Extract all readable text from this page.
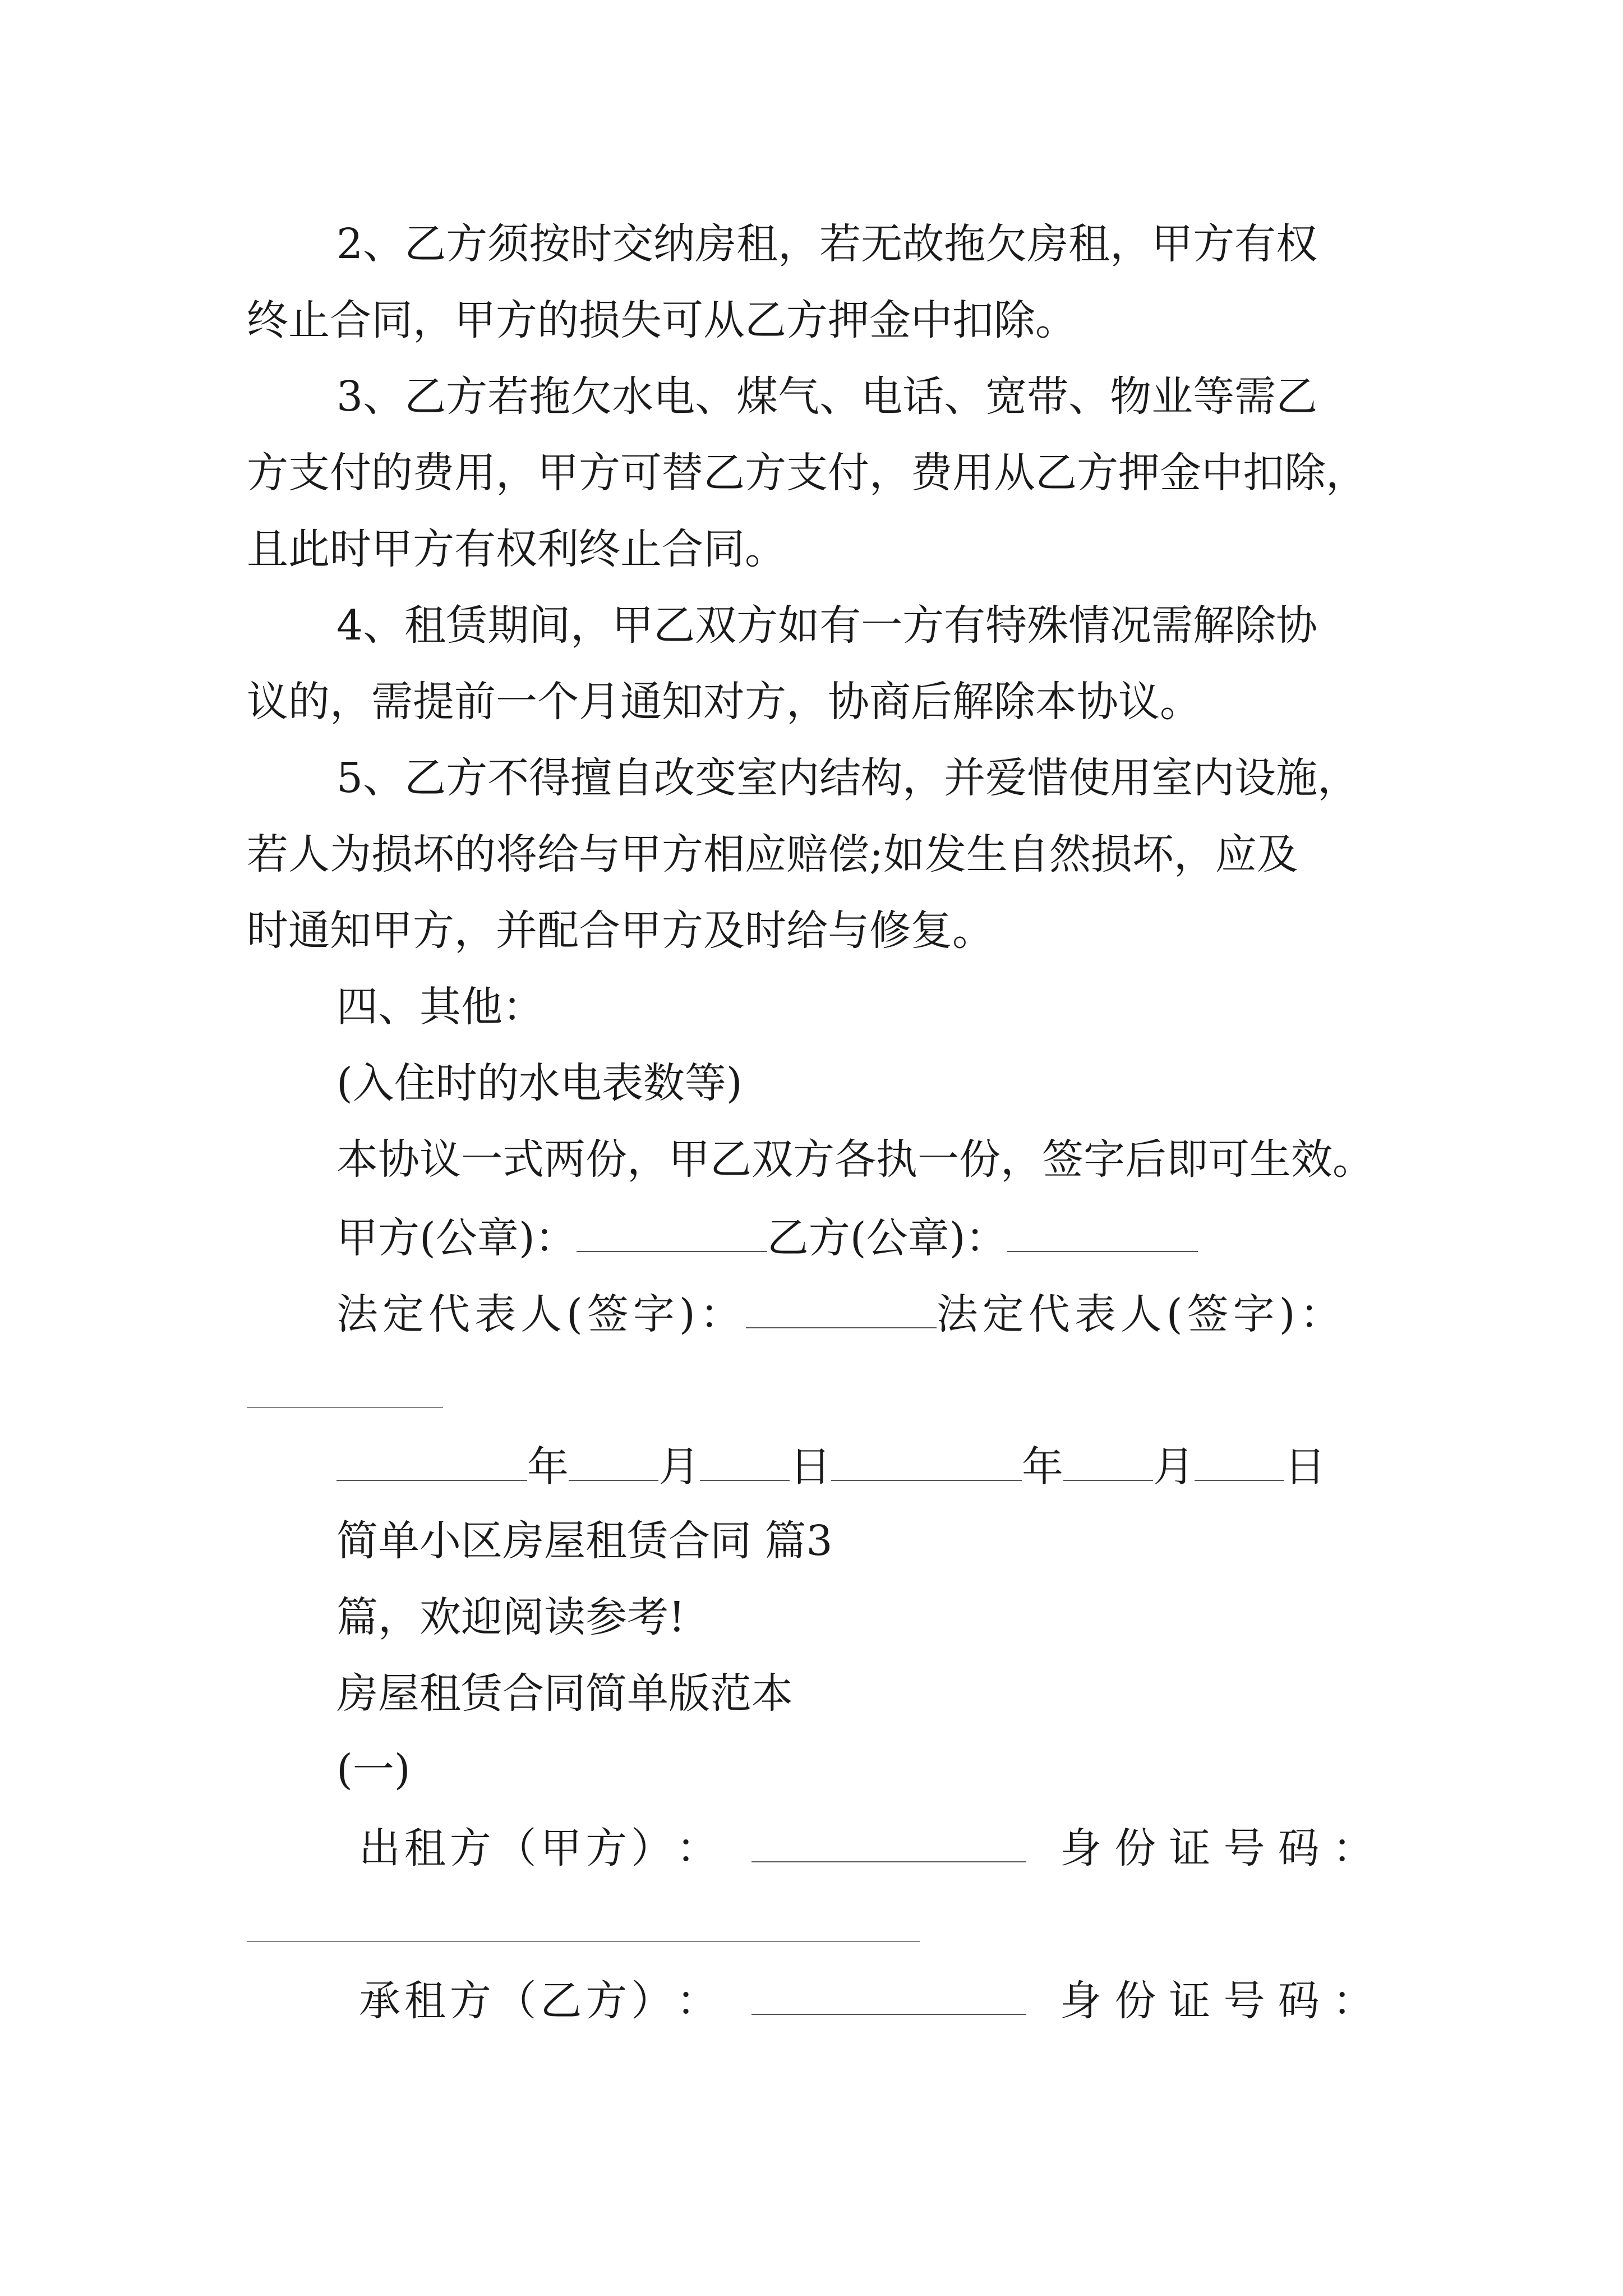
2、乙方须按时交纳房租，若无故拖欠房租，甲方有权
终止合同，甲方的损失可从乙方押金中扣除。
3、乙方若拖欠水电、煤气、电话、宽带、物业等需乙
方支付的费用，甲方可替乙方支付，费用从乙方押金中扣除，
且此时甲方有权利终止合同。
4、租赁期间，甲乙双方如有一方有特殊情况需解除协
议的，需提前一个月通知对方，协商后解除本协议。
5、乙方不得擅自改变室内结构，并爱惜使用室内设施，
若人为损坏的将给与甲方相应赔偿;如发生自然损坏，应及
时通知甲方，并配合甲方及时给与修复。
四、其他：
(入住时的水电表数等)
本协议一式两份，甲乙双方各执一份，签字后即可生效。
甲方(公章)：	乙方(公章)：
法定代表人(签字)：	法定代表人(签字)：
年 月 日	年 月 日
简单小区房屋租赁合同 篇3
篇，欢迎阅读参考!
房屋租赁合同简单版范本
(一)
出 租 方 （ 甲 方 ） ：	身 份 证 号 码 ：
承 租 方 （ 乙 方 ） ：	身 份 证 号 码 ：
